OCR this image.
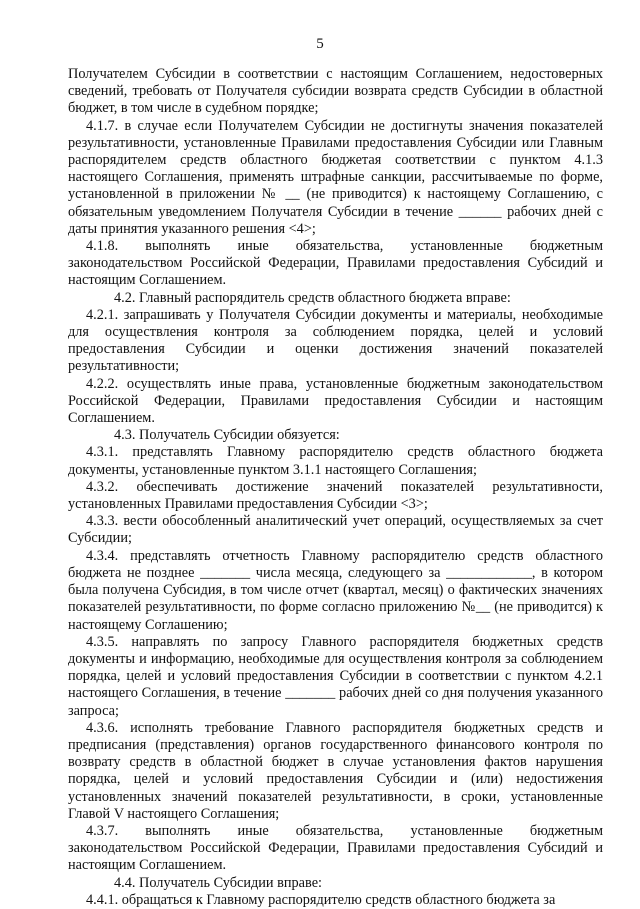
5

Получателем Субсидии в соответствии с настоящим Соглашением, недостоверных сведений, требовать от Получателя субсидии возврата средств Субсидии в областной бюджет, в том числе в судебном порядке;

4.1.7. в случае если Получателем Субсидии не достигнуты значения показателей результативности, установленные Правилами предоставления Субсидии или Главным распорядителем средств областного бюджетая соответствии с пунктом 4.1.3 настоящего Соглашения, применять штрафные санкции, рассчитываемые по форме, установленной в приложении № __ (не приводится) к настоящему Соглашению, с обязательным уведомлением Получателя Субсидии в течение ______ рабочих дней с даты принятия указанного решения <4>;

4.1.8. выполнять иные обязательства, установленные бюджетным законодательством Российской Федерации, Правилами предоставления Субсидий и настоящим Соглашением.

4.2. Главный распорядитель средств областного бюджета вправе:

4.2.1. запрашивать у Получателя Субсидии документы и материалы, необходимые для осуществления контроля за соблюдением порядка, целей и условий предоставления Субсидии и оценки достижения значений показателей результативности;

4.2.2. осуществлять иные права, установленные бюджетным законодательством Российской Федерации, Правилами предоставления Субсидии и настоящим Соглашением.

4.3. Получатель Субсидии обязуется:

4.3.1. представлять Главному распорядителю средств областного бюджета документы, установленные пунктом 3.1.1 настоящего Соглашения;

4.3.2. обеспечивать достижение значений показателей результативности, установленных Правилами предоставления Субсидии <3>;

4.3.3. вести обособленный аналитический учет операций, осуществляемых за счет Субсидии;

4.3.4. представлять отчетность Главному распорядителю средств областного бюджета не позднее _______ числа месяца, следующего за ____________, в котором была получена Субсидия, в том числе отчет (квартал, месяц) о фактических значениях показателей результативности, по форме согласно приложению №__ (не приводится) к настоящему Соглашению;

4.3.5. направлять по запросу Главного распорядителя бюджетных средств документы и информацию, необходимые для осуществления контроля за соблюдением порядка, целей и условий предоставления Субсидии в соответствии с пунктом 4.2.1 настоящего Соглашения, в течение _______ рабочих дней со дня получения указанного запроса;

4.3.6. исполнять требование Главного распорядителя бюджетных средств и предписания (представления) органов государственного финансового контроля по возврату средств в областной бюджет в случае установления фактов нарушения порядка, целей и условий предоставления Субсидии и (или) недостижения установленных значений показателей результативности, в сроки, установленные Главой V настоящего Соглашения;

4.3.7. выполнять иные обязательства, установленные бюджетным законодательством Российской Федерации, Правилами предоставления Субсидий и настоящим Соглашением.

4.4. Получатель Субсидии вправе:

4.4.1. обращаться к Главному распорядителю средств областного бюджета за
